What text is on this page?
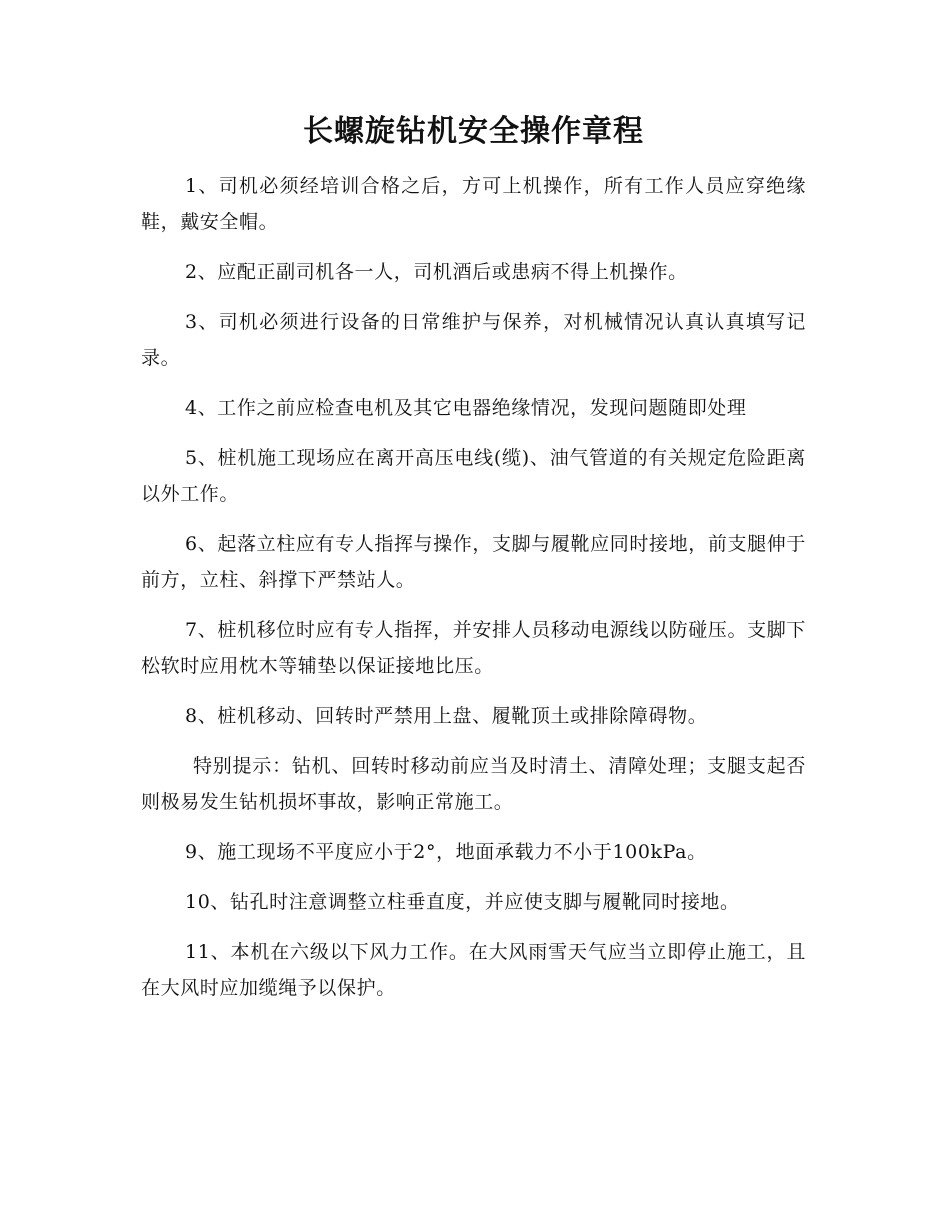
长螺旋钻机安全操作章程

1、司机必须经培训合格之后，方可上机操作，所有工作人员应穿绝缘鞋，戴安全帽。

2、应配正副司机各一人，司机酒后或患病不得上机操作。

3、司机必须进行设备的日常维护与保养，对机械情况认真认真填写记录。

4、工作之前应检查电机及其它电器绝缘情况，发现问题随即处理

5、桩机施工现场应在离开高压电线(缆)、油气管道的有关规定危险距离以外工作。

6、起落立柱应有专人指挥与操作，支脚与履靴应同时接地，前支腿伸于前方，立柱、斜撑下严禁站人。

7、桩机移位时应有专人指挥，并安排人员移动电源线以防碰压。支脚下松软时应用枕木等辅垫以保证接地比压。

8、桩机移动、回转时严禁用上盘、履靴顶土或排除障碍物。

特别提示：钻机、回转时移动前应当及时清土、清障处理；支腿支起否则极易发生钻机损坏事故，影响正常施工。

9、施工现场不平度应小于2°，地面承载力不小于100kPa。

10、钻孔时注意调整立柱垂直度，并应使支脚与履靴同时接地。

11、本机在六级以下风力工作。在大风雨雪天气应当立即停止施工，且在大风时应加缆绳予以保护。
